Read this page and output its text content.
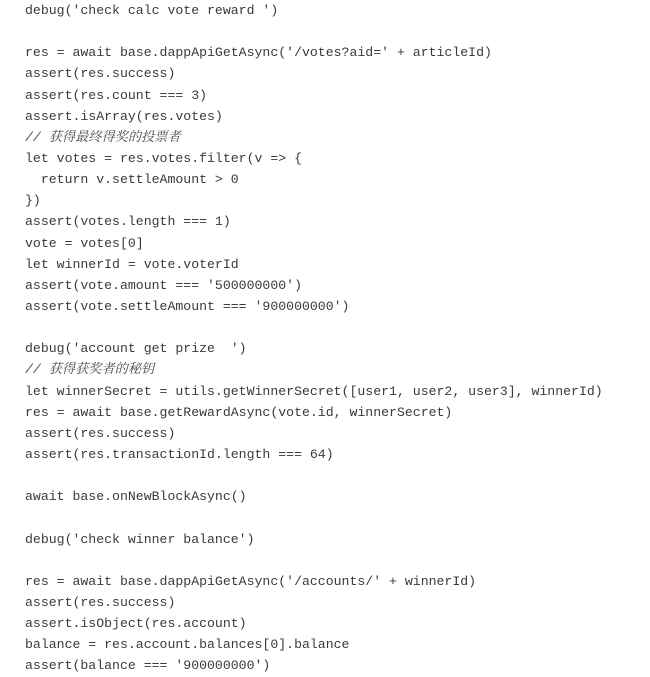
debug('check calc vote reward ')
res = await base.dappApiGetAsync('/votes?aid=' + articleId)
assert(res.success)
assert(res.count === 3)
assert.isArray(res.votes)
// 获得最终得奖的投票者
let votes = res.votes.filter(v => {
return v.settleAmount > 0
})
assert(votes.length === 1)
vote = votes[0]
let winnerId = vote.voterId
assert(vote.amount === '500000000')
assert(vote.settleAmount === '900000000')
debug('account get prize  ')
// 获得获奖者的秘钥
let winnerSecret = utils.getWinnerSecret([user1, user2, user3], winnerId)
res = await base.getRewardAsync(vote.id, winnerSecret)
assert(res.success)
assert(res.transactionId.length === 64)
await base.onNewBlockAsync()
debug('check winner balance')
res = await base.dappApiGetAsync('/accounts/' + winnerId)
assert(res.success)
assert.isObject(res.account)
balance = res.account.balances[0].balance
assert(balance === '900000000')
